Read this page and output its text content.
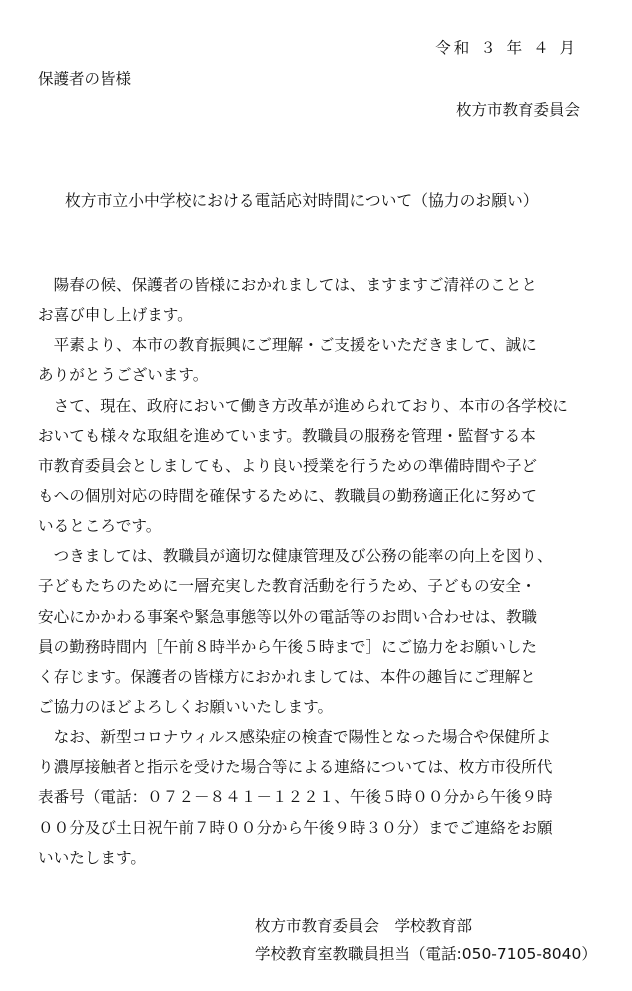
令和 ３ 年 ４ 月
保護者の皆様
枚方市教育委員会
枚方市立小中学校における電話応対時間について（協力のお願い）
　陽春の候、保護者の皆様におかれましては、ますますご清祥のことと
お喜び申し上げます。
　平素より、本市の教育振興にご理解・ご支援をいただきまして、誠に
ありがとうございます。
　さて、現在、政府において働き方改革が進められており、本市の各学校に
おいても様々な取組を進めています。教職員の服務を管理・監督する本
市教育委員会としましても、より良い授業を行うための準備時間や子ど
もへの個別対応の時間を確保するために、教職員の勤務適正化に努めて
いるところです。
　つきましては、教職員が適切な健康管理及び公務の能率の向上を図り、
子どもたちのために一層充実した教育活動を行うため、子どもの安全・
安心にかかわる事案や緊急事態等以外の電話等のお問い合わせは、教職
員の勤務時間内［午前８時半から午後５時まで］にご協力をお願いした
く存じます。保護者の皆様方におかれましては、本件の趣旨にご理解と
ご協力のほどよろしくお願いいたします。
　なお、新型コロナウィルス感染症の検査で陽性となった場合や保健所よ
り濃厚接触者と指示を受けた場合等による連絡については、枚方市役所代
表番号（電話：０７２－８４１－１２２１、午後５時００分から午後９時
００分及び土日祝午前７時００分から午後９時３０分）までご連絡をお願
いいたします。
枚方市教育委員会　学校教育部
学校教育室教職員担当（電話:050-7105-8040）
